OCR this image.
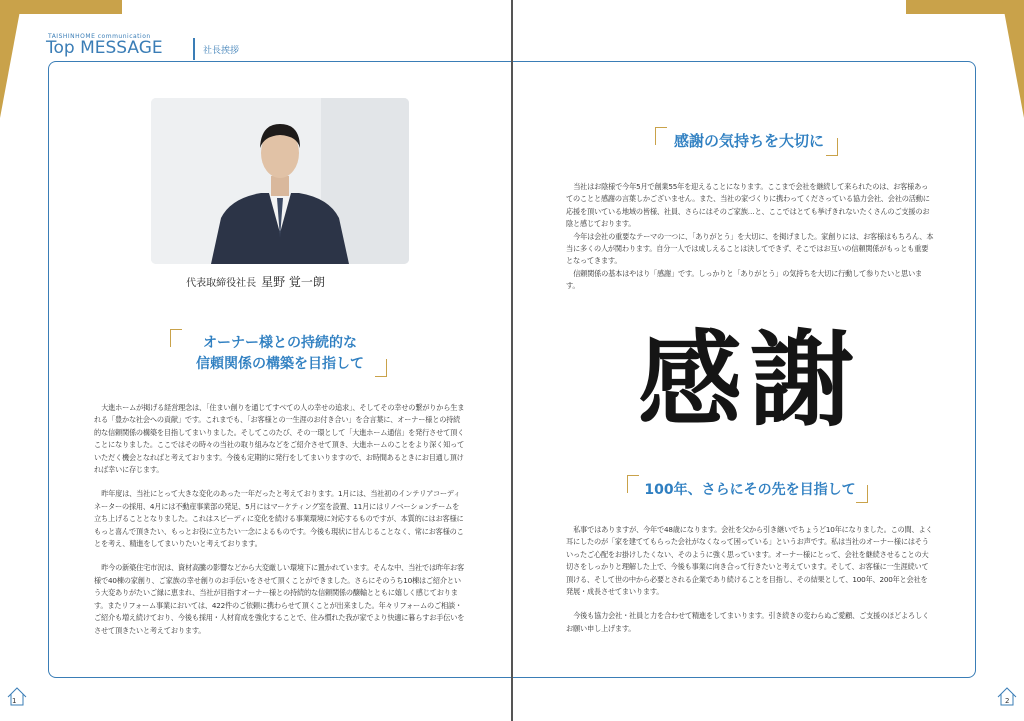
TAISHINHOME communication
Top MESSAGE	社長挨拶
代表取締役社長 星野 覚一朗
オーナー様との持続的な
信頼関係の構築を目指して

大進ホームが掲げる経営理念は、「住まい創りを通じてすべての人の幸せの追求」、そしてその幸せの繋がりから生まれる「豊かな社会への貢献」です。これまでも、「お客様との一生涯のお付き合い」を合言葉に、オーナー様との持続的な信頼関係の構築を目指してまいりました。そしてこのたび、その一環として「大進ホーム通信」を発行させて頂くことになりました。ここではその時々の当社の取り組みなどをご紹介させて頂き、大進ホームのことをより深く知っていただく機会となればと考えております。今後も定期的に発行をしてまいりますので、お時間あるときにお目通し頂ければ幸いに存じます。

昨年度は、当社にとって大きな変化のあった一年だったと考えております。1月には、当社初のインテリアコーディネーターの採用、4月には不動産事業部の発足、5月にはマーケティング室を設置、11月にはリノベーションチームを立ち上げることとなりました。これはスピーディに変化を続ける事業環境に対応するものですが、本質的にはお客様にもっと喜んで頂きたい、もっとお役に立ちたい一念によるものです。今後も現状に甘んじることなく、常にお客様のことを考え、精進をしてまいりたいと考えております。

昨今の新築住宅市況は、資材高騰の影響などから大変厳しい環境下に置かれています。そんな中、当社では昨年お客様で40棟の家創り、ご家族の幸せ創りのお手伝いをさせて頂くことができました。さらにそのうち10棟はご紹介という大変ありがたいご縁に恵まれ、当社が目指すオーナー様との持続的な信頼関係の醸輸とともに嬉しく感じております。またリフォーム事業においては、422件のご依頼に携わらせて頂くことが出来ました。年々リフォームのご相談・ご紹介も増え続けており、今後も採用・人材育成を強化することで、住み慣れた我が家でより快適に暮らすお手伝いをさせて頂きたいと考えております。

感謝の気持ちを大切に

当社はお陰様で今年5月で創業55年を迎えることになります。ここまで会社を継続して来られたのは、お客様あってのことと感謝の言葉しかございません。また、当社の家づくりに携わってくださっている協力会社、会社の活動に応援を頂いている地域の皆様、社員、さらにはそのご家族…と、ここではとても挙げきれないたくさんのご支援のお陰と感じております。

今年は会社の重要なテーマの一つに、「ありがとう」を大切に、を掲げました。家創りには、お客様はもちろん、本当に多くの人が関わります。自分一人では成しえることは決してできず、そこではお互いの信頼関係がもっとも重要となってきます。

信頼関係の基本はやはり「感謝」です。しっかりと「ありがとう」の気持ちを大切に行動して参りたいと思います。

感謝
100年、さらにその先を目指して

私事ではありますが、今年で48歳になります。会社を父から引き継いでちょうど10年になりました。この間、よく耳にしたのが「家を建ててもらった会社がなくなって困っている」というお声です。私は当社のオーナー様にはそういったご心配をお掛けしたくない、そのように強く思っています。オーナー様にとって、会社を継続させることの大切さをしっかりと理解した上で、今後も事業に向き合って行きたいと考えています。そして、お客様に一生涯続いて頂ける、そして世の中から必要とされる企業であり続けることを目指し、その結果として、100年、200年と会社を発展・成長させてまいります。

今後も協力会社・社員と力を合わせて精進をしてまいります。引き続きの変わらぬご愛顧、ご支援のほどよろしくお願い申し上げます。

1	2
